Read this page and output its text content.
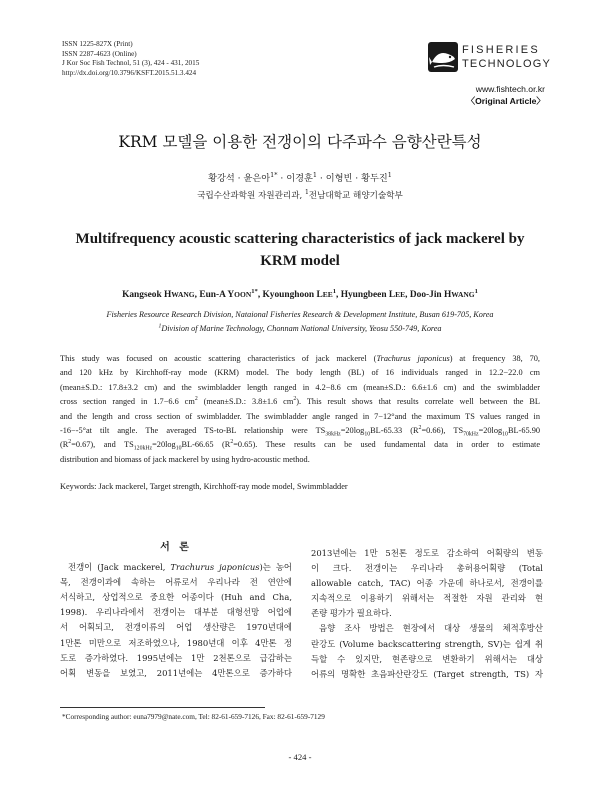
ISSN 1225-827X (Print)
ISSN 2287-4623 (Online)
J Kor Soc Fish Technol, 51 (3), 424 - 431, 2015
http://dx.doi.org/10.3796/KSFT.2015.51.3.424
FISHERIES
TECHNOLOGY
www.fishtech.or.kr
〈Original Article〉
KRM 모델을 이용한 전갱이의 다주파수 음향산란특성
황강석 · 윤은아$^{1*}$ · 이경훈$^1$ · 이형빈 · 황두진$^1$
국립수산과학원 자원관리과, $^1$전남대학교 해양기술학부
Multifrequency acoustic scattering characteristics of jack mackerel by KRM model
Kangseok HWANG, Eun-A $YOON^{1*}$, Kyounghoon LEE$^1$, Hyungbeen LEE, Doo-Jin HWANG$^1$
Fisheries Resource Research Division, Nataional Fisheries Research & Development Institute, Busan 619-705, Korea
$^1$Division of Marine Technology, Chonnam National University, Yeosu 550-749, Korea
This study was focused on acoustic scattering characteristics of jack mackerel (Trachurus japonicus) at frequency 38, 70,
and 120 kHz by Kirchhoff-ray mode (KRM) model. The body length (BL) of 16 individuals ranged in 12.2−22.0 cm
(mean±S.D.: 17.8±3.2 cm) and the swimbladder length ranged in 4.2−8.6 cm (mean±S.D.: 6.6±1.6 cm) and the swimbladder
cross section ranged in 1.7−6.6 $cm^2$ (mean±S.D.: 3.8±1.6 $cm^2$). This result shows that results correlate well between the BL
and the length and cross section of swimbladder. The swimbladder angle ranged in 7−12°and the maximum TS values ranged in
-16−-5°at tilt angle. The averaged TS-to-BL relationship were $TS_{38kHz}=20\log_{10}BL-65.33$ $(R^2=0.66)$, $TS_{70kHz}=20\log_{10}BL-65.90$
$(R^2=0.67)$, and $TS_{120kHz}=20\log_{10}BL-66.65$ $(R^2=0.65)$. These results can be used fundamental data in order to estimate
distribution and biomass of jack mackerel by using hydro-acoustic method.
Keywords: Jack mackerel, Target strength, Kirchhoff-ray mode model, Swimmbladder
서 론
전갱이 (Jack mackerel, Trachurus japonicus)는 농어
목, 전갱이과에 속하는 어류로서 우리나라 전 연안에
서식하고, 상업적으로 중요한 어종이다 (Huh and Cha,
1998). 우리나라에서 전갱이는 대부분 대형선망 어업에
서 어획되고, 전갱이류의 어업 생산량은 1970년대에
1만톤 미만으로 저조하였으나, 1980년대 이후 4만톤 정
도로 증가하였다. 1995년에는 1만 2천톤으로 급감하는
어획 변동을 보였고, 2011년에는 4만톤으로 증가하다
2013년에는 1만 5천톤 정도로 감소하여 어획량의 변동
이 크다. 전갱이는 우리나라 총허용어획량 (Total
allowable catch, TAC) 어종 가운데 하나로서, 전갱이를
지속적으로 이용하기 위해서는 적절한 자원 관리와 현
존량 평가가 필요하다.
음향 조사 방법은 현장에서 대상 생물의 체적후방산
란강도 (Volume backscattering strength, SV)는 쉽게 취
득할 수 있지만, 현존량으로 변환하기 위해서는 대상
어류의 명확한 초음파산란강도 (Target strength, TS) 자
*Corresponding author: euna7979@nate.com, Tel: 82-61-659-7126, Fax: 82-61-659-7129
- 424 -
